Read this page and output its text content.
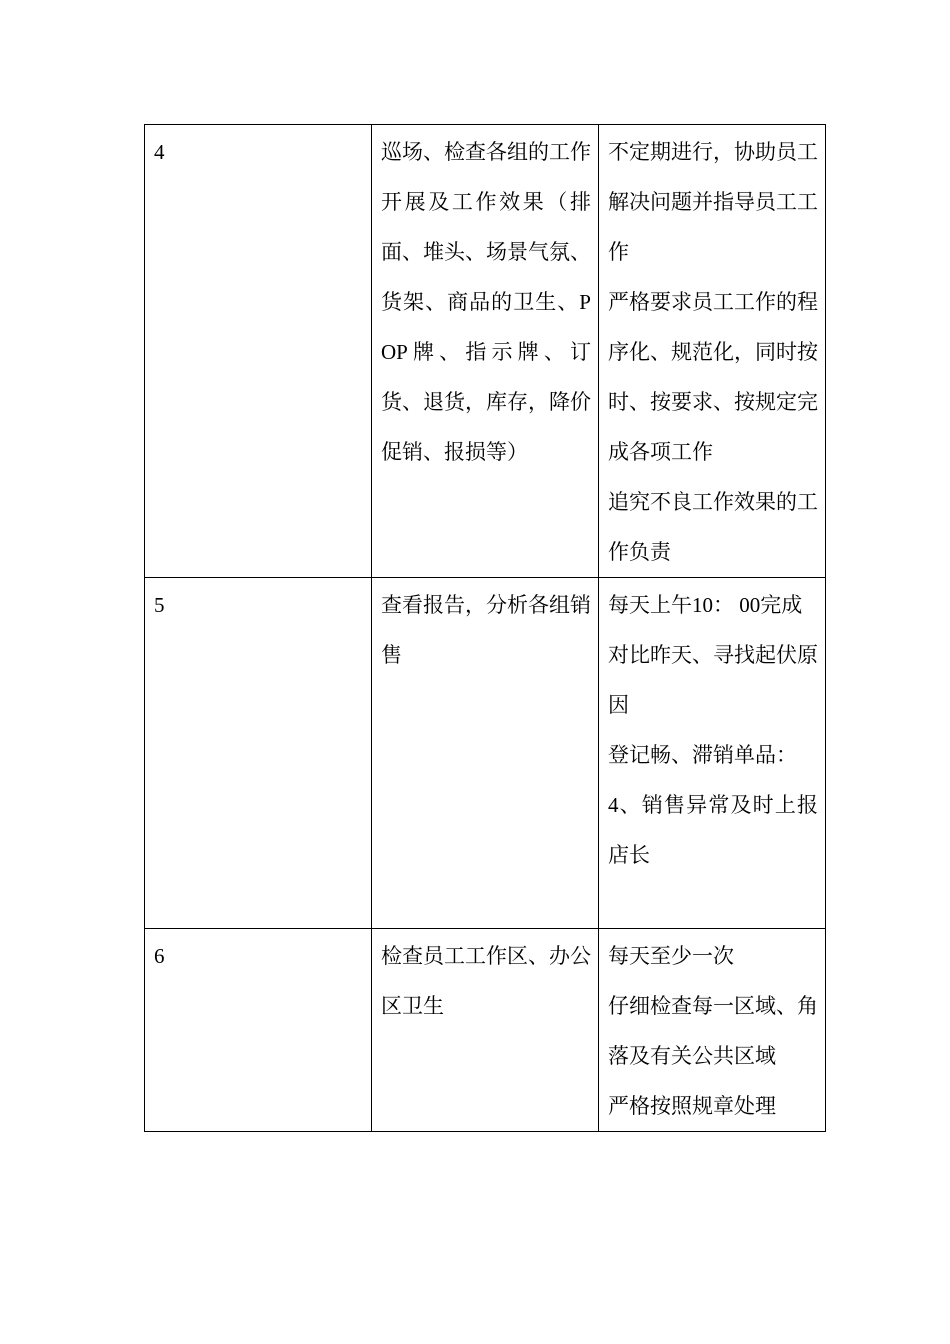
4	巡场、检查各组的工作开展及工作效果（排面、堆头、场景气氛、货架、商品的卫生、POP牌、指示牌、订货、退货，库存，降价促销、报损等）	不定期进行，协助员工解决问题并指导员工工作
严格要求员工工作的程序化、规范化，同时按时、按要求、按规定完成各项工作
追究不良工作效果的工作负责

5	查看报告，分析各组销售	每天上午10： 00完成
对比昨天、寻找起伏原因
登记畅、滞销单品：
4、销售异常及时上报店长

6	检查员工工作区、办公区卫生	每天至少一次
仔细检查每一区域、角落及有关公共区域
严格按照规章处理
